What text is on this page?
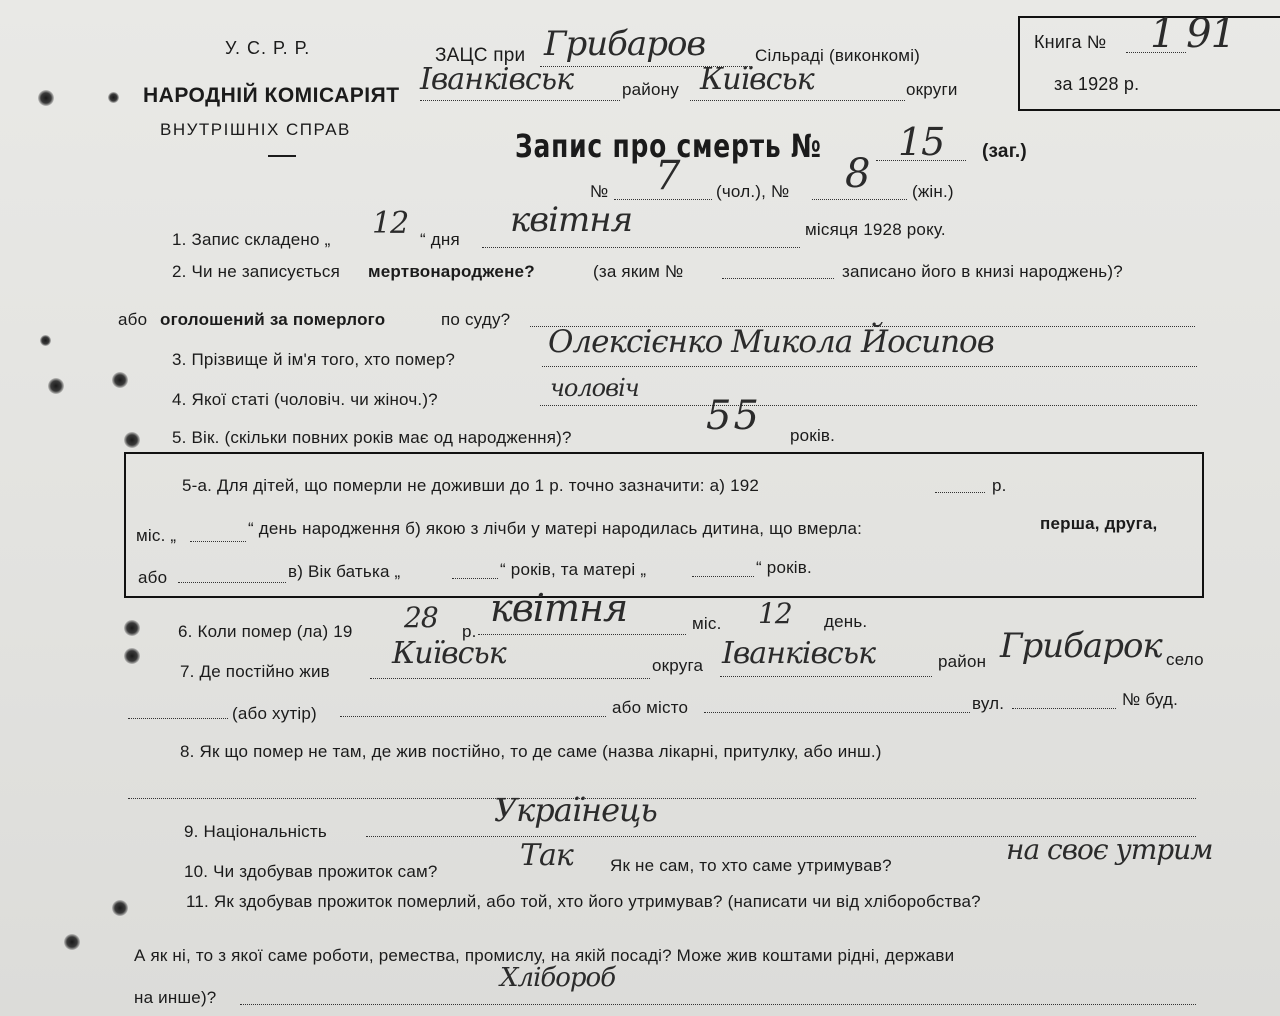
У. С. Р. Р.
НАРОДНІЙ КОМІСАРІЯТ
ВНУТРІШНІХ СПРАВ
ЗАЦС при Грибаров	Сільраді (виконкомі)
Іванківськ	району Київськ	округи
Книга № 1 91
за 1928 р.
Запис про смерть № 15 (заг.)
№ 7 (чол.), № 8	(жін.)
1. Запис складено „ 12 “ дня квітня	місяця 1928 року.
2. Чи не записується мертвонароджене?	(за яким №	записано його в книзі народжень)?
або оголошений за померлого	по суду?
3. Прізвище й ім'я того, хто помер?	Олексієнко Микола Йосипов
4. Якої статі (чоловіч. чи жіноч.)?	чоловіч
5. Вік. (скільки повних років має од народження)?	55 років.
5-а. Для дітей, що померли не доживши до 1 р. точно зазначити: а) 192	р.
міс. „	“ день народження б) якою з лічби у матері народилась дитина, що вмерла:	перша, друга,
або	в) Вік батька „	“ років, та матері „	“ років.
6. Коли помер (ла) 19 28 р.
квітня	міс. 12 день.
7. Де постійно жив
Київськ	округа Іванківськ	район Грибарок село
(або хутір)	або місто	вул.	№ буд.
8. Як що помер не там, де жив постійно, то де саме (назва лікарні, притулку, або инш.)
9. Національність
Українець
10. Чи здобував прожиток сам?	Так Як не сам, то хто саме утримував?	на своє утрим
11. Як здобував прожиток померлий, або той, хто його утримував? (написати чи від хліборобства?
А як ні, то з якої саме роботи, ремества, промислу, на якій посаді? Може жив коштами рідні, держави
на инше)?
Хлібороб
